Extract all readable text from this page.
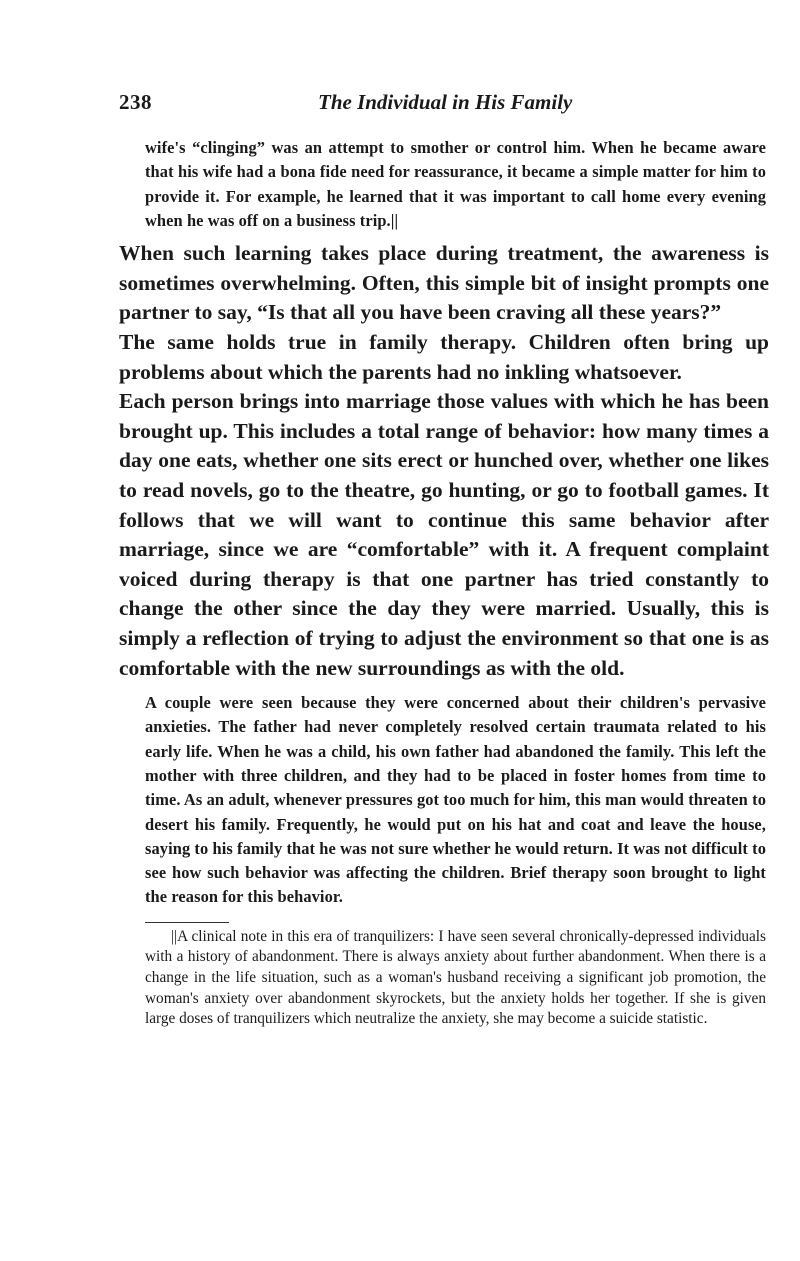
238	The Individual in His Family

wife's “clinging” was an attempt to smother or control him. When he became aware that his wife had a bona fide need for reassurance, it became a simple matter for him to provide it. For example, he learned that it was important to call home every evening when he was off on a business trip.||

When such learning takes place during treatment, the awareness is sometimes overwhelming. Often, this simple bit of insight prompts one partner to say, “Is that all you have been craving all these years?”

The same holds true in family therapy. Children often bring up problems about which the parents had no inkling whatsoever.

Each person brings into marriage those values with which he has been brought up. This includes a total range of behavior: how many times a day one eats, whether one sits erect or hunched over, whether one likes to read novels, go to the theatre, go hunting, or go to football games. It follows that we will want to continue this same behavior after marriage, since we are “comfortable” with it. A frequent complaint voiced during therapy is that one partner has tried constantly to change the other since the day they were married. Usually, this is simply a reflection of trying to adjust the environment so that one is as comfortable with the new surroundings as with the old.

A couple were seen because they were concerned about their children's pervasive anxieties. The father had never completely resolved certain traumata related to his early life. When he was a child, his own father had abandoned the family. This left the mother with three children, and they had to be placed in foster homes from time to time. As an adult, whenever pressures got too much for him, this man would threaten to desert his family. Frequently, he would put on his hat and coat and leave the house, saying to his family that he was not sure whether he would return. It was not difficult to see how such behavior was affecting the children. Brief therapy soon brought to light the reason for this behavior.

||A clinical note in this era of tranquilizers: I have seen several chronically-depressed individuals with a history of abandonment. There is always anxiety about further abandonment. When there is a change in the life situation, such as a woman's husband receiving a significant job promotion, the woman's anxiety over abandonment skyrockets, but the anxiety holds her together. If she is given large doses of tranquilizers which neutralize the anxiety, she may become a suicide statistic.
